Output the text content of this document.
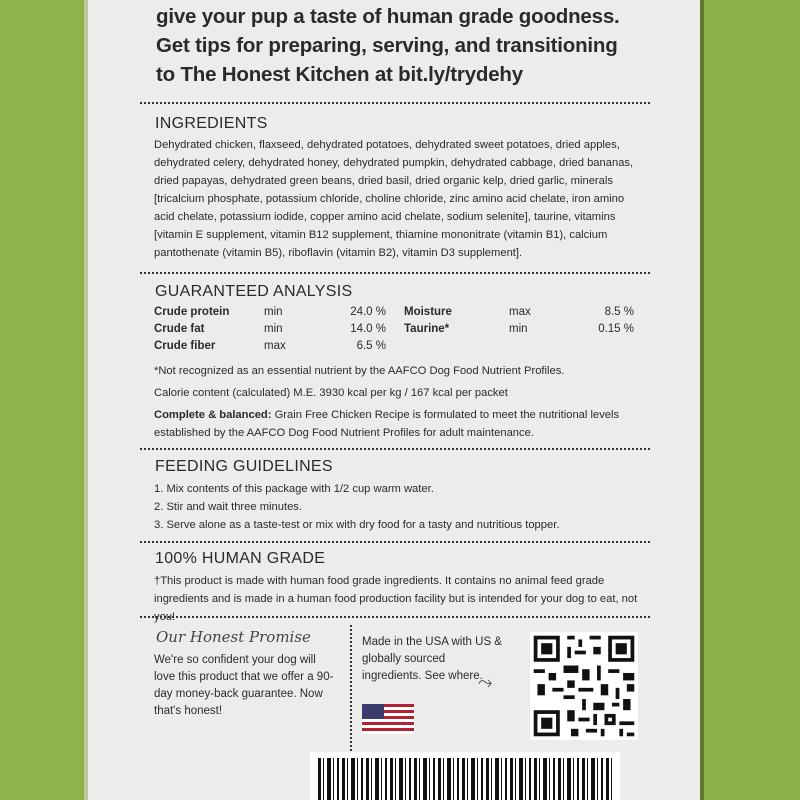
give your pup a taste of human grade goodness.
Get tips for preparing, serving, and transitioning
to The Honest Kitchen at bit.ly/trydehy
INGREDIENTS
Dehydrated chicken, flaxseed, dehydrated potatoes, dehydrated sweet potatoes, dried apples, dehydrated celery, dehydrated honey, dehydrated pumpkin, dehydrated cabbage, dried bananas, dried papayas, dehydrated green beans, dried basil, dried organic kelp, dried garlic, minerals [tricalcium phosphate, potassium chloride, choline chloride, zinc amino acid chelate, iron amino acid chelate, potassium iodide, copper amino acid chelate, sodium selenite], taurine, vitamins [vitamin E supplement, vitamin B12 supplement, thiamine mononitrate (vitamin B1), calcium pantothenate (vitamin B5), riboflavin (vitamin B2), vitamin D3 supplement].
GUARANTEED ANALYSIS
Crude protein	min	24.0 % Moisture	max	8.5 %
Crude fat	min	14.0 % Taurine*	min	0.15 %
Crude fiber	max	6.5 %
*Not recognized as an essential nutrient by the AAFCO Dog Food Nutrient Profiles.
Calorie content (calculated) M.E. 3930 kcal per kg / 167 kcal per packet
Complete & balanced: Grain Free Chicken Recipe is formulated to meet the nutritional levels established by the AAFCO Dog Food Nutrient Profiles for adult maintenance.
FEEDING GUIDELINES
1. Mix contents of this package with 1/2 cup warm water.
2. Stir and wait three minutes.
3. Serve alone as a taste-test or mix with dry food for a tasty and nutritious topper.
100% HUMAN GRADE
†This product is made with human food grade ingredients. It contains no animal feed grade ingredients and is made in a human food production facility but is intended for your dog to eat, not you!
Our Honest Promise
We're so confident your dog will love this product that we offer a 90-day money-back guarantee. Now that's honest!
Made in the USA with US & globally sourced ingredients. See where.
⤳
